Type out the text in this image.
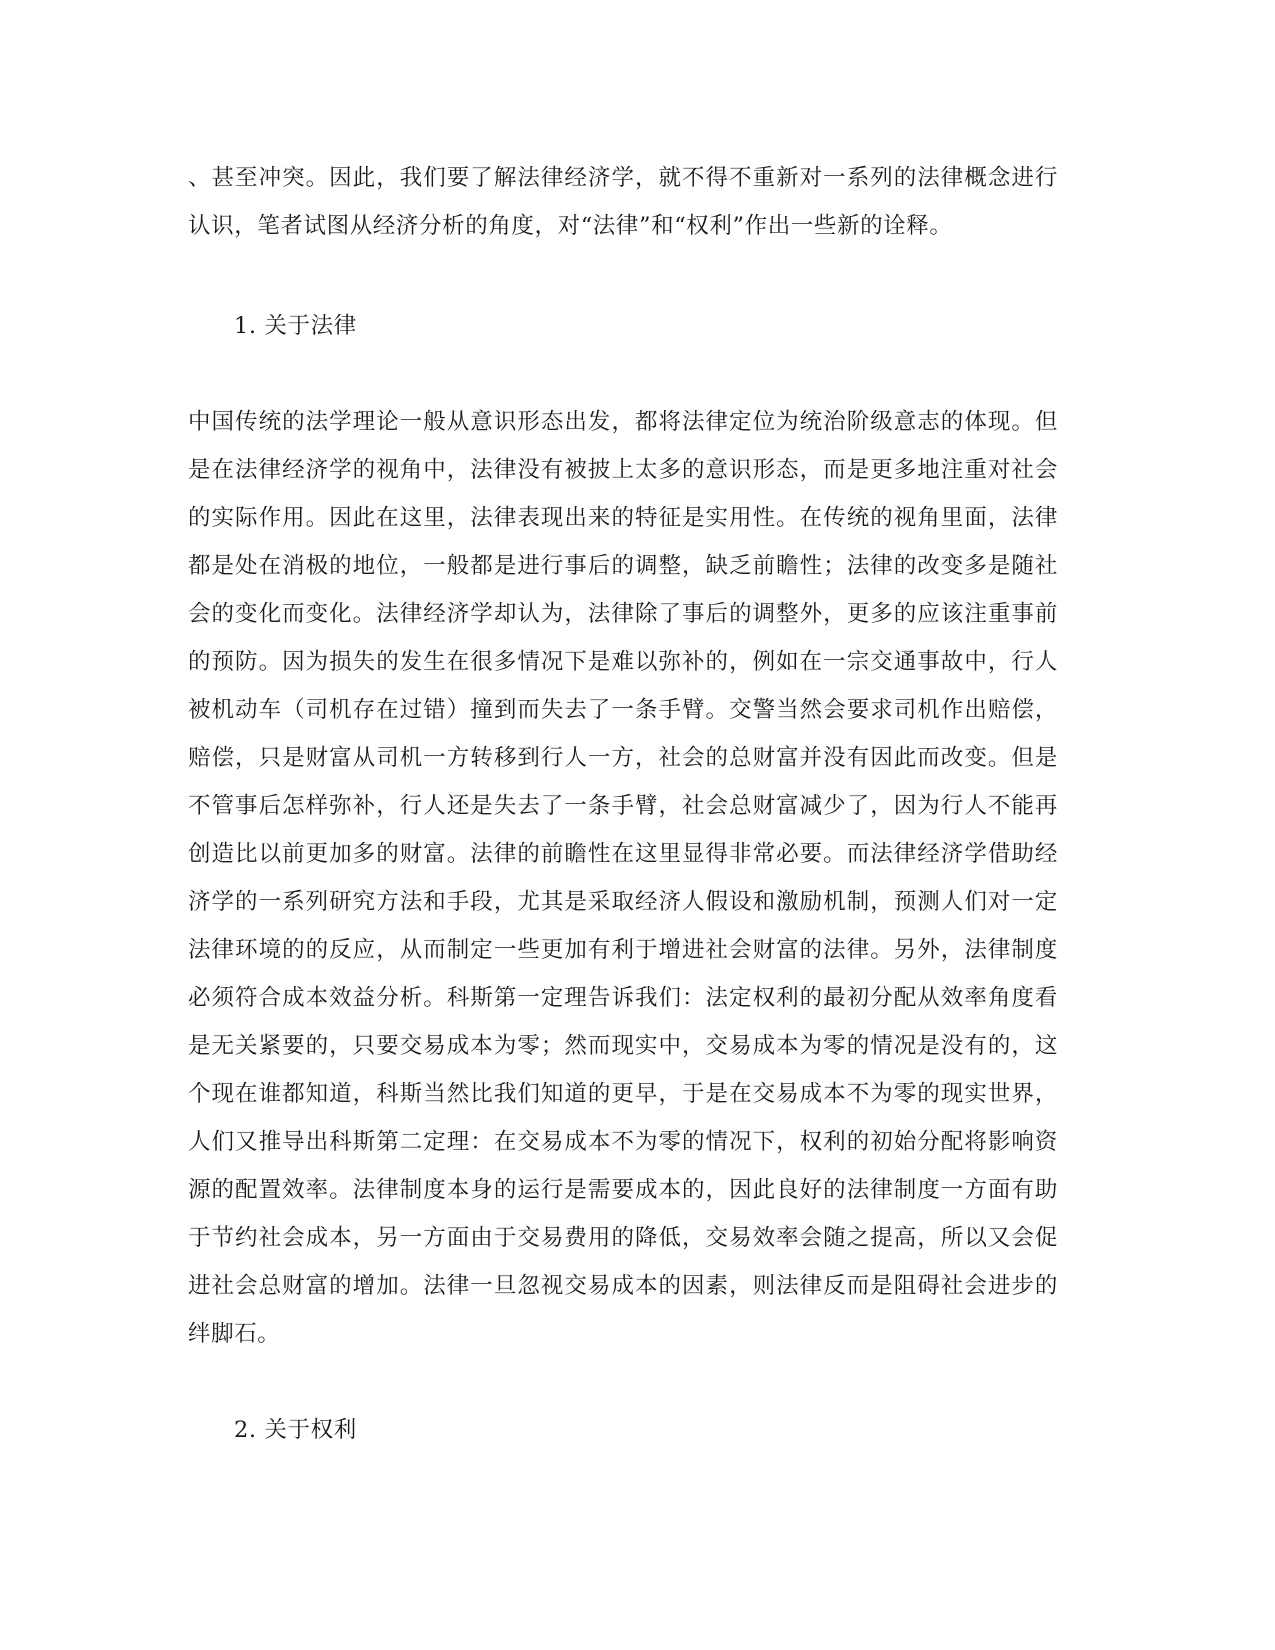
、甚至冲突。因此，我们要了解法律经济学，就不得不重新对一系列的法律概念进行认识，笔者试图从经济分析的角度，对“法律”和“权利”作出一些新的诠释。
1. 关于法律
中国传统的法学理论一般从意识形态出发，都将法律定位为统治阶级意志的体现。但是在法律经济学的视角中，法律没有被披上太多的意识形态，而是更多地注重对社会的实际作用。因此在这里，法律表现出来的特征是实用性。在传统的视角里面，法律都是处在消极的地位，一般都是进行事后的调整，缺乏前瞻性；法律的改变多是随社会的变化而变化。法律经济学却认为，法律除了事后的调整外，更多的应该注重事前的预防。因为损失的发生在很多情况下是难以弥补的，例如在一宗交通事故中，行人被机动车（司机存在过错）撞到而失去了一条手臂。交警当然会要求司机作出赔偿，赔偿，只是财富从司机一方转移到行人一方，社会的总财富并没有因此而改变。但是不管事后怎样弥补，行人还是失去了一条手臂，社会总财富减少了，因为行人不能再创造比以前更加多的财富。法律的前瞻性在这里显得非常必要。而法律经济学借助经济学的一系列研究方法和手段，尤其是采取经济人假设和激励机制，预测人们对一定法律环境的的反应，从而制定一些更加有利于增进社会财富的法律。另外，法律制度必须符合成本效益分析。科斯第一定理告诉我们：法定权利的最初分配从效率角度看是无关紧要的，只要交易成本为零；然而现实中，交易成本为零的情况是没有的，这个现在谁都知道，科斯当然比我们知道的更早，于是在交易成本不为零的现实世界，人们又推导出科斯第二定理：在交易成本不为零的情况下，权利的初始分配将影响资源的配置效率。法律制度本身的运行是需要成本的，因此良好的法律制度一方面有助于节约社会成本，另一方面由于交易费用的降低，交易效率会随之提高，所以又会促进社会总财富的增加。法律一旦忽视交易成本的因素，则法律反而是阻碍社会进步的绊脚石。
2. 关于权利
